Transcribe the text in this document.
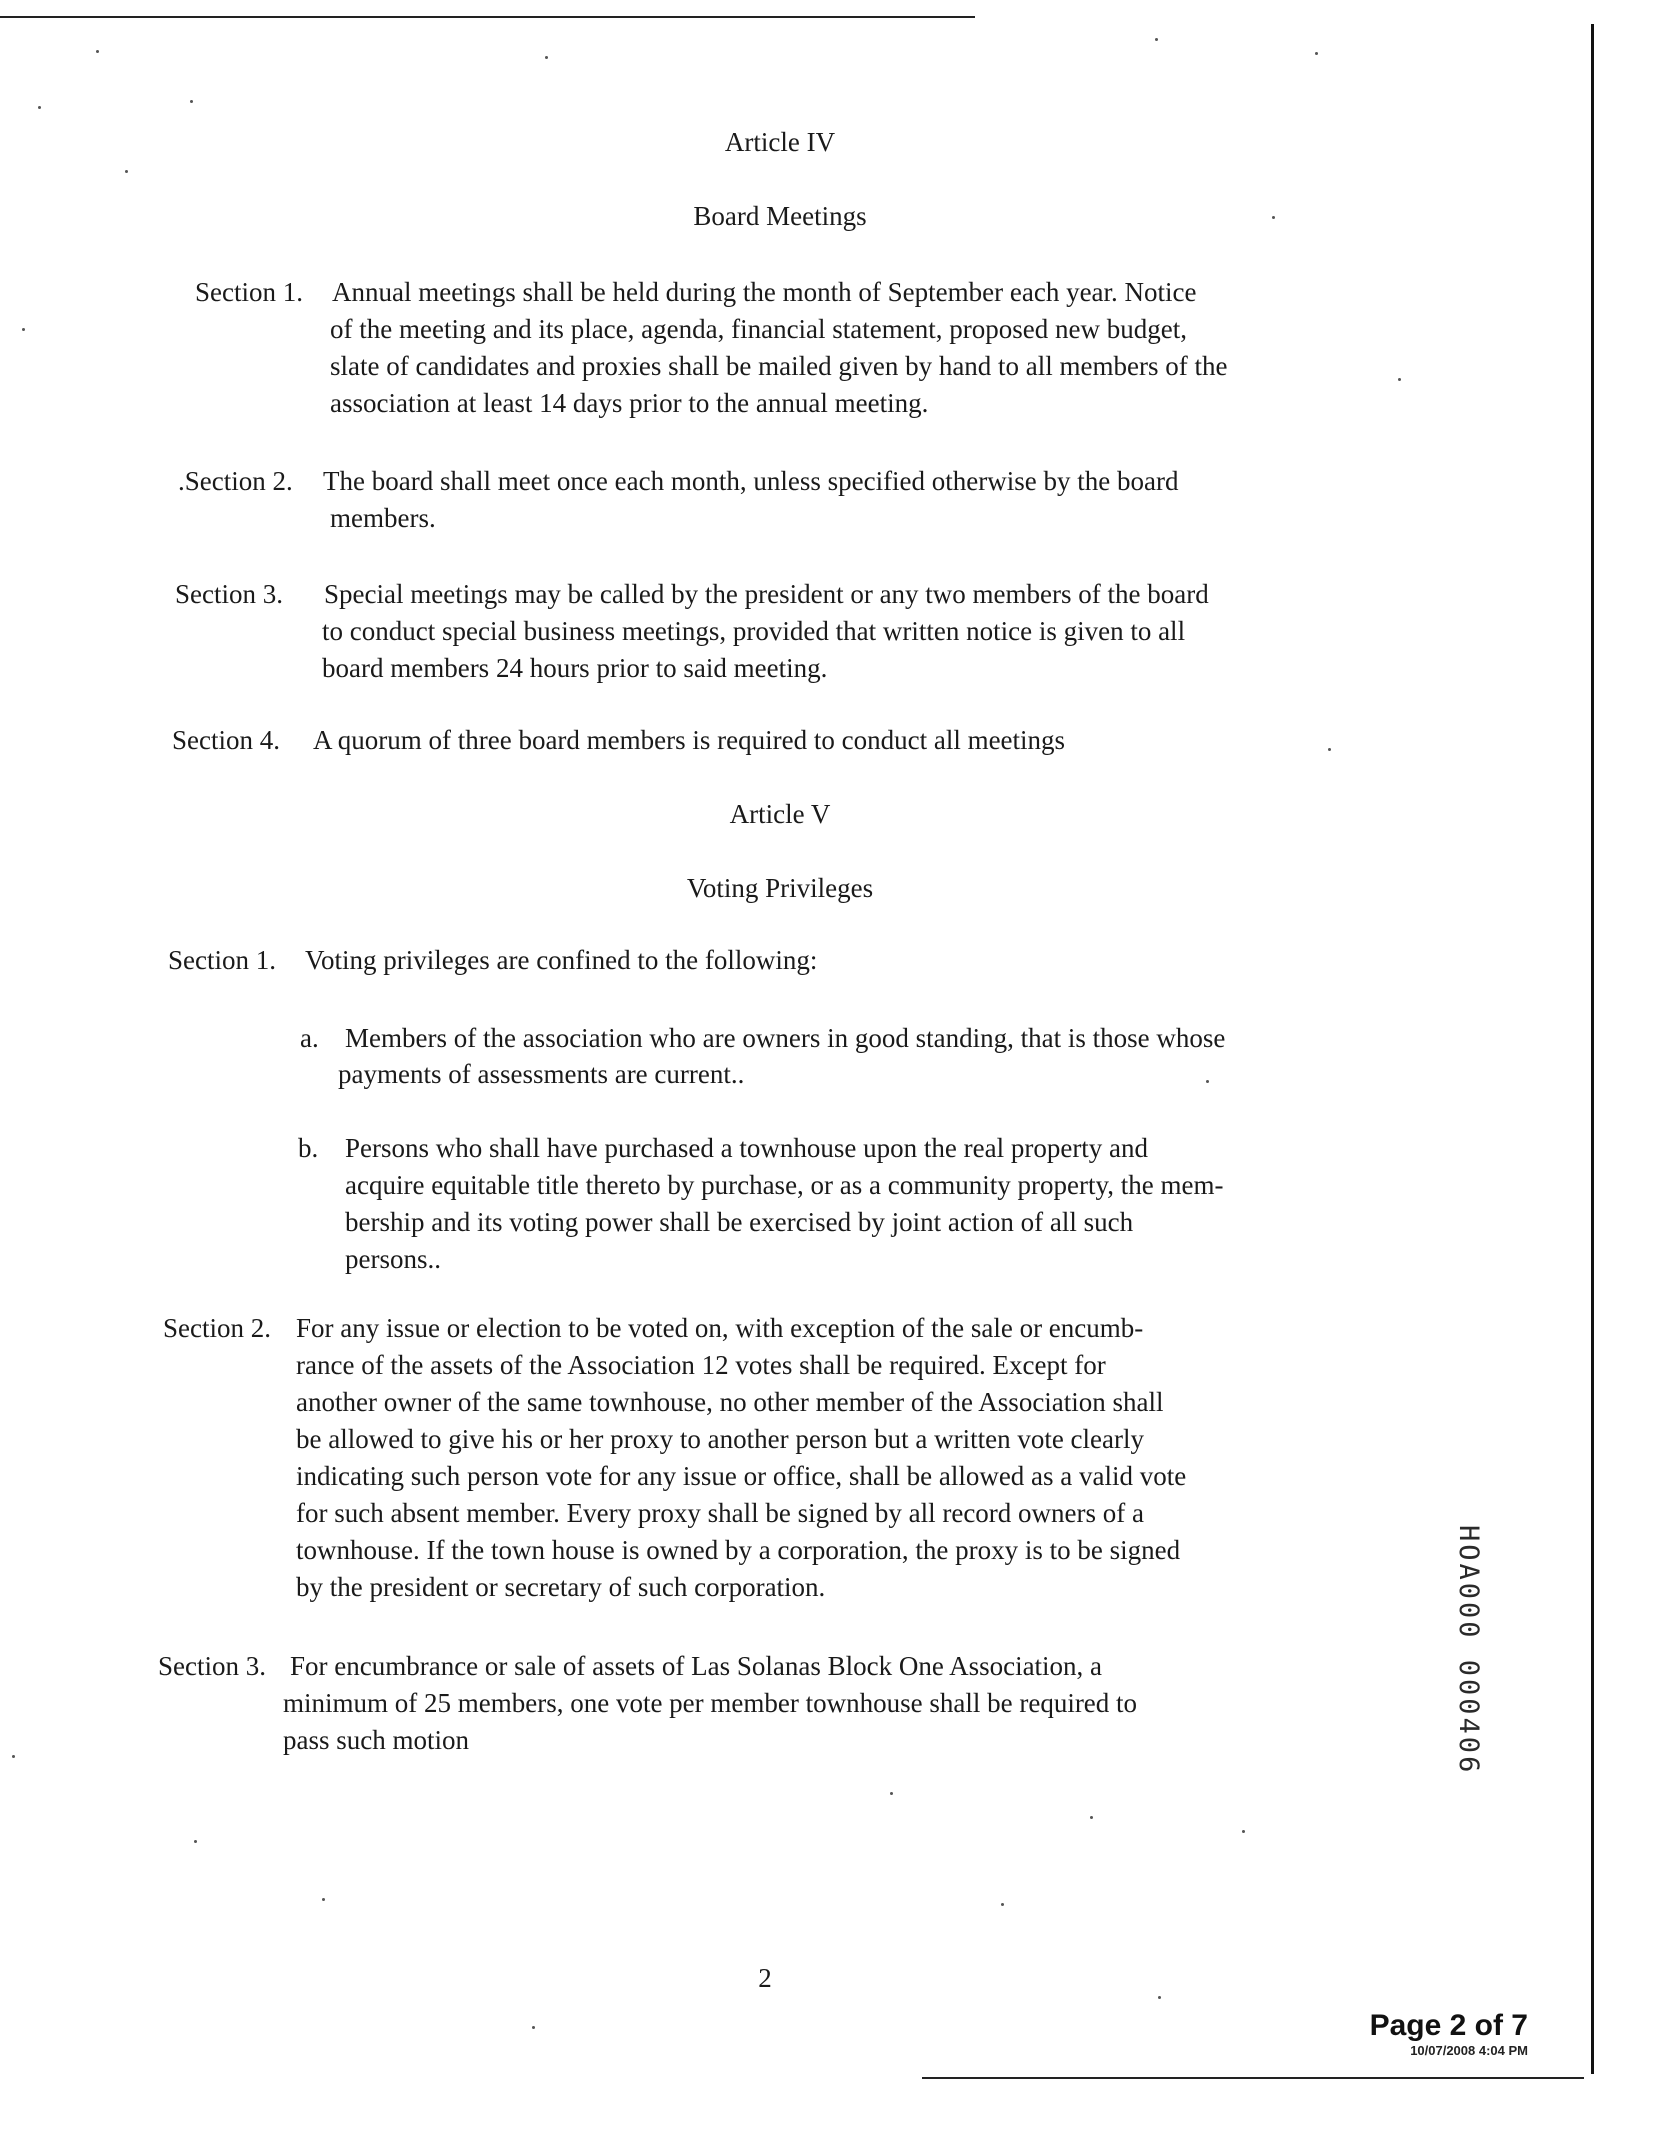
Article IV
Board Meetings
Section 1. Annual meetings shall be held during the month of September each year. Notice
of the meeting and its place, agenda, financial statement, proposed new budget,
slate of candidates and proxies shall be mailed given by hand to all members of the
association at least 14 days prior to the annual meeting.
.Section 2. The board shall meet once each month, unless specified otherwise by the board
members.
Section 3. Special meetings may be called by the president or any two members of the board
to conduct special business meetings, provided that written notice is given to all
board members 24 hours prior to said meeting.
Section 4. A quorum of three board members is required to conduct all meetings
Article V
Voting Privileges
Section 1. Voting privileges are confined to the following:
a. Members of the association who are owners in good standing, that is those whose
payments of assessments are current..
b. Persons who shall have purchased a townhouse upon the real property and
acquire equitable title thereto by purchase, or as a community property, the mem-
bership and its voting power shall be exercised by joint action of all such
persons..
Section 2. For any issue or election to be voted on, with exception of the sale or encumb-
rance of the assets of the Association 12 votes shall be required. Except for
another owner of the same townhouse, no other member of the Association shall
be allowed to give his or her proxy to another person but a written vote clearly
indicating such person vote for any issue or office, shall be allowed as a valid vote
for such absent member. Every proxy shall be signed by all record owners of a
townhouse. If the town house is owned by a corporation, the proxy is to be signed
by the president or secretary of such corporation.
Section 3. For encumbrance or sale of assets of Las Solanas Block One Association, a
minimum of 25 members, one vote per member townhouse shall be required to
pass such motion
2
HOA000 000406
Page 2 of 7
10/07/2008 4:04 PM
